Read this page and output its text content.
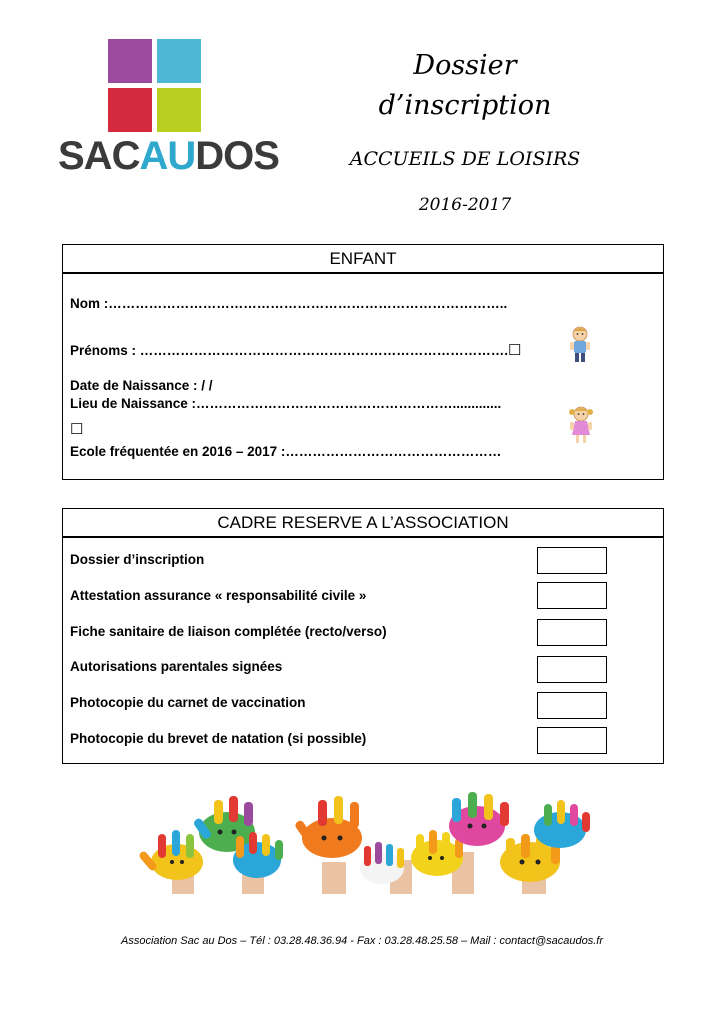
SACAUDOS
Dossier d’inscription
ACCUEILS DE LOISIRS
2016-2017
ENFANT
Nom :……………………………………………………………………………..
Prénoms : ……………………………………………………………………….☐
Date de Naissance : / /
Lieu de Naissance :………………………………………………….............
☐
Ecole fréquentée en 2016 – 2017 :…………………………………………
CADRE RESERVE A L’ASSOCIATION
Dossier d’inscription
Attestation assurance « responsabilité civile »
Fiche sanitaire de liaison complétée (recto/verso)
Autorisations parentales signées
Photocopie du carnet de vaccination
Photocopie du brevet de natation (si possible)
Association Sac au Dos – Tél : 03.28.48.36.94 - Fax : 03.28.48.25.58 – Mail : contact@sacaudos.fr
